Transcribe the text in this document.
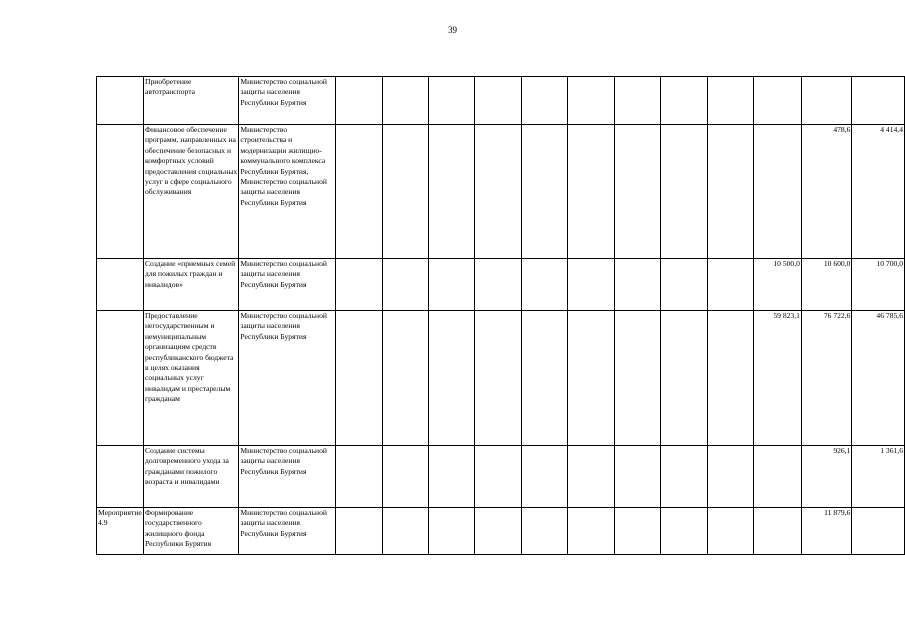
39
	Приобретение автотранспорта	Министерство социальной защиты населения Республики Бурятия												
	Финансовое обеспечение программ, направленных на обеспечение безопасных и комфортных условий предоставления социальных услуг в сфере социального обслуживания	Министерство строительства и модернизации жилищно-коммунального комплекса Республики Бурятия, Министерство социальной защиты населения Республики Бурятия											478,6	4 414,4
	Создание «приемных семей для пожилых граждан и инвалидов»	Министерство социальной защиты населения Республики Бурятия										10 500,0	10 600,0	10 700,0
	Предоставление негосударственным и немуниципальным организациям средств республиканского бюджета в целях оказания социальных услуг инвалидам и престарелым гражданам	Министерство социальной защиты населения Республики Бурятия										59 823,1	76 722,6	46 785,6
	Создание системы долговременного ухода за гражданами пожилого возраста и инвалидами	Министерство социальной защиты населения Республики Бурятия											926,1	1 361,6
Мероприятие 4.9	Формирование государственного жилищного фонда Республики Бурятия	Министерство социальной защиты населения Республики Бурятия											11 879,6	
